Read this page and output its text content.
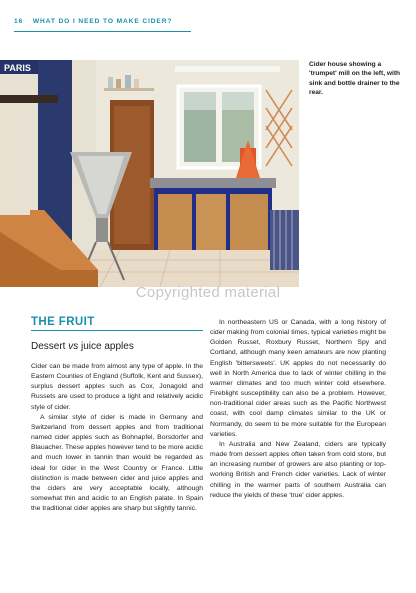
16 WHAT DO I NEED TO MAKE CIDER?
PARIS	Cider house showing a 'trumpet' mill on the left, with sink and bottle drainer to the rear.
Copyrighted material
THE FRUIT
Dessert vs juice apples

Cider can be made from almost any type of apple. In the Eastern Counties of England (Suffolk, Kent and Sussex), surplus dessert apples such as Cox, Jonagold and Russets are used to produce a light and relatively acidic style of cider.

A similar style of cider is made in Germany and Switzerland from dessert apples and from traditional named cider apples such as Bohnapfel, Borsdorfer and Blauacher. These apples however tend to be more acidic and much lower in tannin than would be regarded as ideal for cider in the West Country or France. Little distinction is made between cider and juice apples and the ciders are very acceptable locally, although somewhat thin and acidic to an English palate. In Spain the traditional cider apples are sharp but slightly tannic.

In northeastern US or Canada, with a long history of cider making from colonial times, typical varieties might be Golden Russet, Roxbury Russet, Northern Spy and Cortland, although many keen amateurs are now planting English 'bittersweets'. UK apples do not necessarily do well in North America due to lack of winter chilling in the warmer climates and too much winter cold elsewhere. Fireblight susceptibility can also be a problem. However, non-traditional cider areas such as the Pacific Northwest coast, with cool damp climates similar to the UK or Normandy, do seem to be more suitable for the European varieties.

In Australia and New Zealand, ciders are typically made from dessert apples often taken from cold store, but an increasing number of growers are also planting or top-working British and French cider varieties. Lack of winter chilling in the warmer parts of southern Australia can reduce the yields of these 'true' cider apples.
